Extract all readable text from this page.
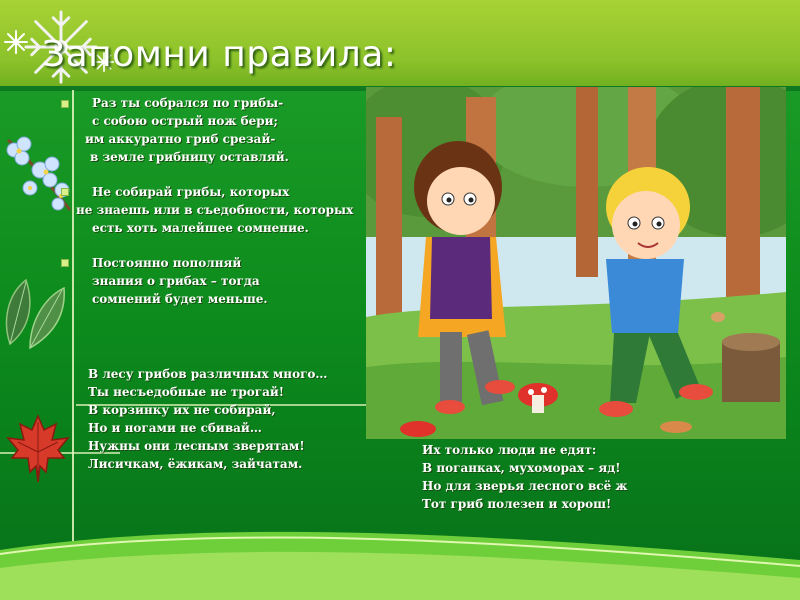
Запомни правила:
Раз ты собрался по грибы-
с собою острый нож бери;
им аккуратно гриб срезай-
в земле грибницу оставляй.
Не собирай грибы, которых
не знаешь или в съедобности, которых
есть хоть малейшее сомнение.
Постоянно пополняй
знания о грибах – тогда
сомнений будет меньше.
В лесу грибов различных много…
Ты несъедобные не трогай!
В корзинку их не собирай,
Но и ногами не сбивай…
Нужны они лесным зверятам!
Лисичкам, ёжикам, зайчатам.
Их только люди не едят:
В поганках, мухоморах – яд!
Но для зверья лесного всё ж
Тот гриб полезен и хорош!
